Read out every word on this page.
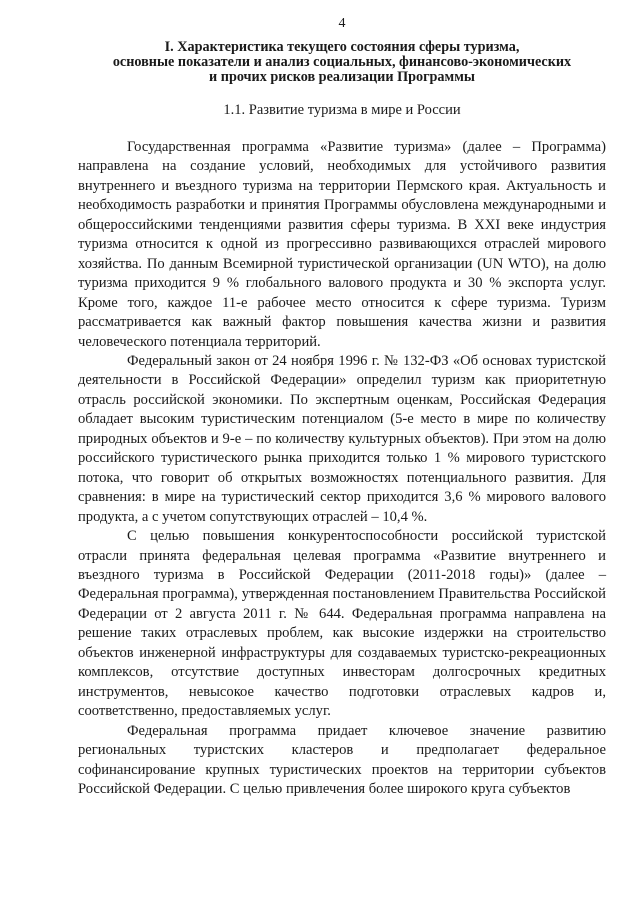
4
I. Характеристика текущего состояния сферы туризма,
основные показатели и анализ социальных, финансово-экономических
и прочих рисков реализации Программы
1.1. Развитие туризма в мире и России

Государственная программа «Развитие туризма» (далее – Программа) направлена на создание условий, необходимых для устойчивого развития внутреннего и въездного туризма на территории Пермского края. Актуальность и необходимость разработки и принятия Программы обусловлена международными и общероссийскими тенденциями развития сферы туризма. В XXI веке индустрия туризма относится к одной из прогрессивно развивающихся отраслей мирового хозяйства. По данным Всемирной туристической организации (UN WTO), на долю туризма приходится 9 % глобального валового продукта и 30 % экспорта услуг. Кроме того, каждое 11-е рабочее место относится к сфере туризма. Туризм рассматривается как важный фактор повышения качества жизни и развития человеческого потенциала территорий.

Федеральный закон от 24 ноября 1996 г. № 132-ФЗ «Об основах туристской деятельности в Российской Федерации» определил туризм как приоритетную отрасль российской экономики. По экспертным оценкам, Российская Федерация обладает высоким туристическим потенциалом (5-е место в мире по количеству природных объектов и 9-е – по количеству культурных объектов). При этом на долю российского туристического рынка приходится только 1 % мирового туристского потока, что говорит об открытых возможностях потенциального развития. Для сравнения: в мире на туристический сектор приходится 3,6 % мирового валового продукта, а с учетом сопутствующих отраслей – 10,4 %.

С целью повышения конкурентоспособности российской туристской отрасли принята федеральная целевая программа «Развитие внутреннего и въездного туризма в Российской Федерации (2011-2018 годы)» (далее – Федеральная программа), утвержденная постановлением Правительства Российской Федерации от 2 августа 2011 г. № 644. Федеральная программа направлена на решение таких отраслевых проблем, как высокие издержки на строительство объектов инженерной инфраструктуры для создаваемых туристско-рекреационных комплексов, отсутствие доступных инвесторам долгосрочных кредитных инструментов, невысокое качество подготовки отраслевых кадров и, соответственно, предоставляемых услуг.

Федеральная программа придает ключевое значение развитию региональных туристских кластеров и предполагает федеральное софинансирование крупных туристических проектов на территории субъектов Российской Федерации. С целью привлечения более широкого круга субъектов
